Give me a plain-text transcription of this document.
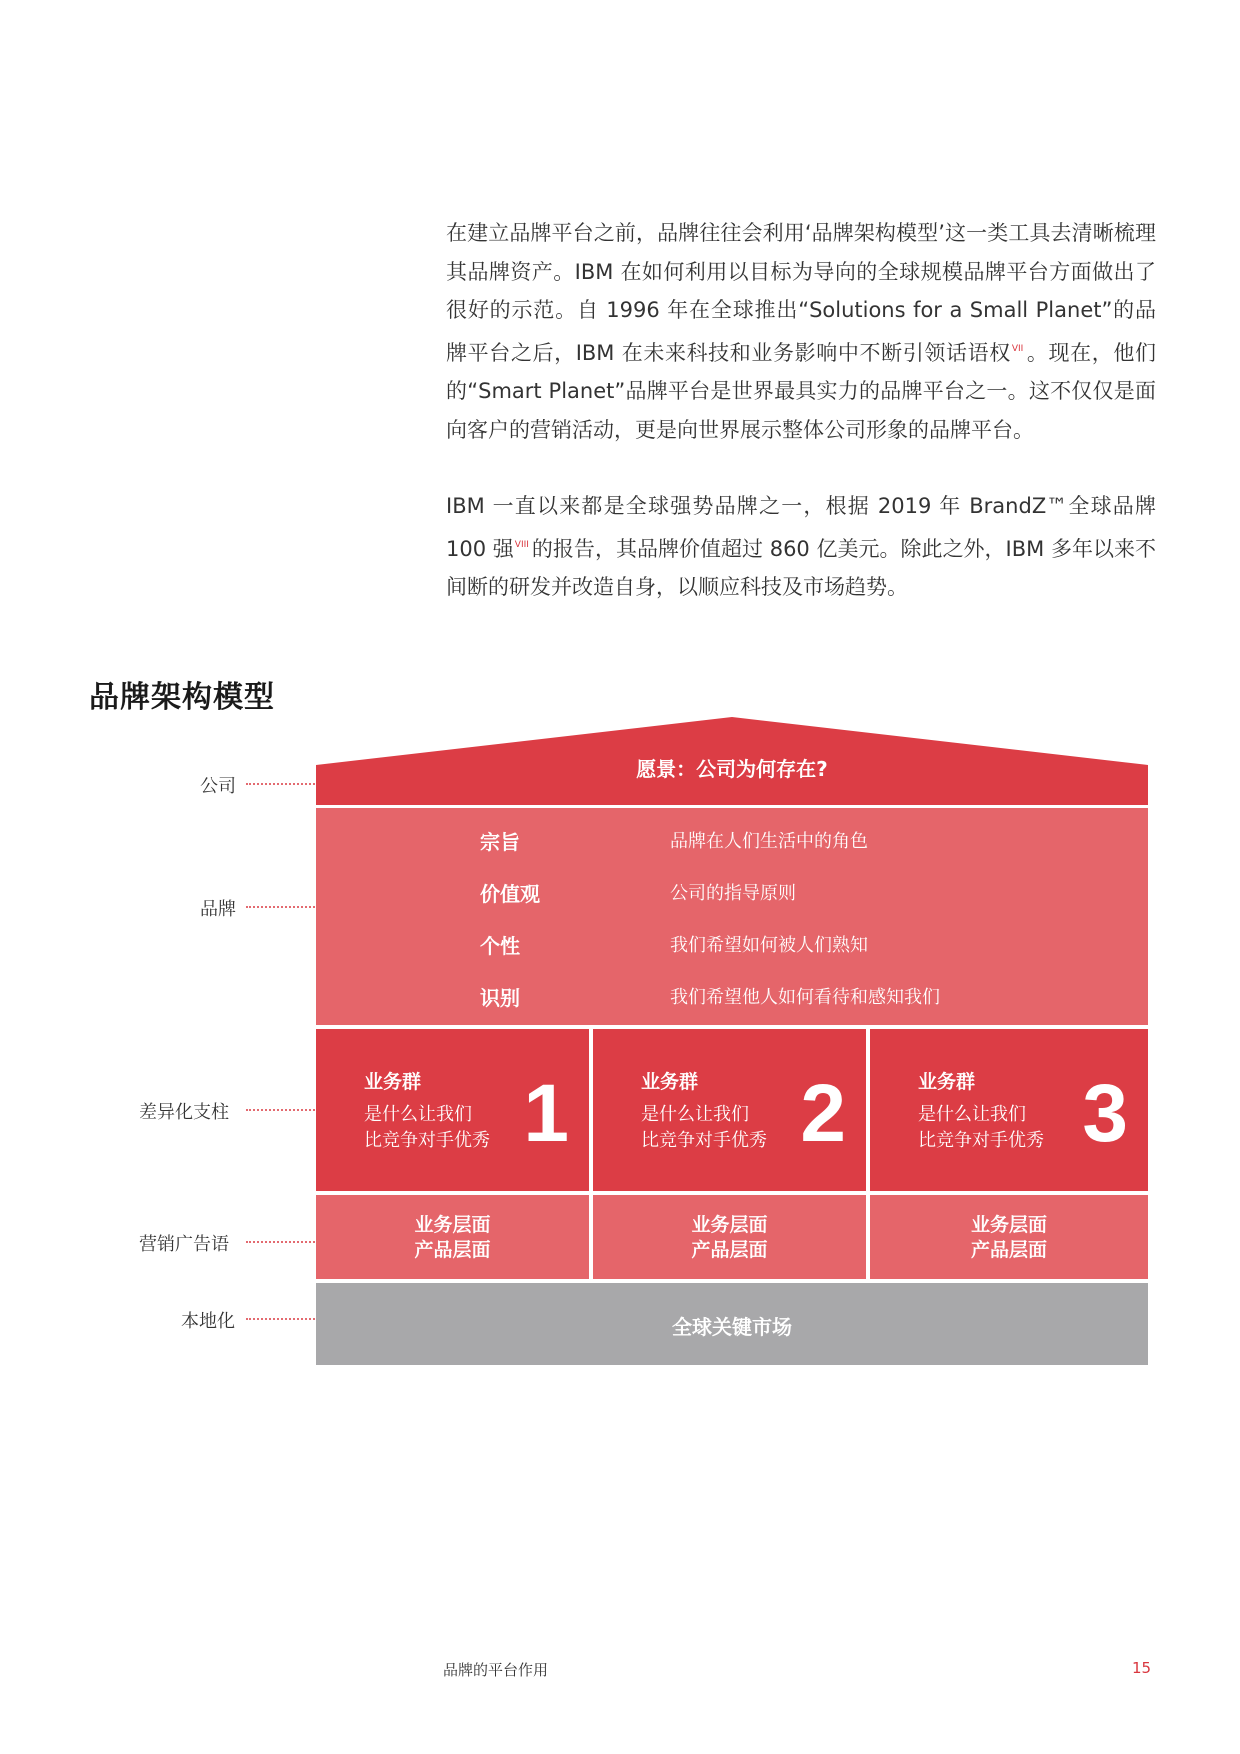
在建立品牌平台之前，品牌往往会利用‘品牌架构模型’这一类工具去清晰梳理其品牌资产。IBM 在如何利用以目标为导向的全球规模品牌平台方面做出了很好的示范。自 1996 年在全球推出“Solutions for a Small Planet”的品牌平台之后，IBM 在未来科技和业务影响中不断引领话语权$^{VII}$ 。现在，他们的“Smart Planet”品牌平台是世界最具实力的品牌平台之一。这不仅仅是面向客户的营销活动，更是向世界展示整体公司形象的品牌平台。

IBM 一直以来都是全球强势品牌之一，根据 2019 年 BrandZ™全球品牌 100 强$^{VIII}$ 的报告，其品牌价值超过 860 亿美元。除此之外，IBM 多年以来不间断的研发并改造自身，以顺应科技及市场趋势。

品牌架构模型
公司
品牌
差异化支柱
营销广告语
本地化
愿景：公司为何存在?
宗旨	品牌在人们生活中的角色
价值观	公司的指导原则
个性	我们希望如何被人们熟知
识别	我们希望他人如何看待和感知我们
业务群
是什么让我们
比竞争对手优秀 1	业务群
是什么让我们
比竞争对手优秀 2	业务群
是什么让我们
比竞争对手优秀 3
业务层面
产品层面
业务层面
产品层面
业务层面
产品层面
全球关键市场
品牌的平台作用	15
